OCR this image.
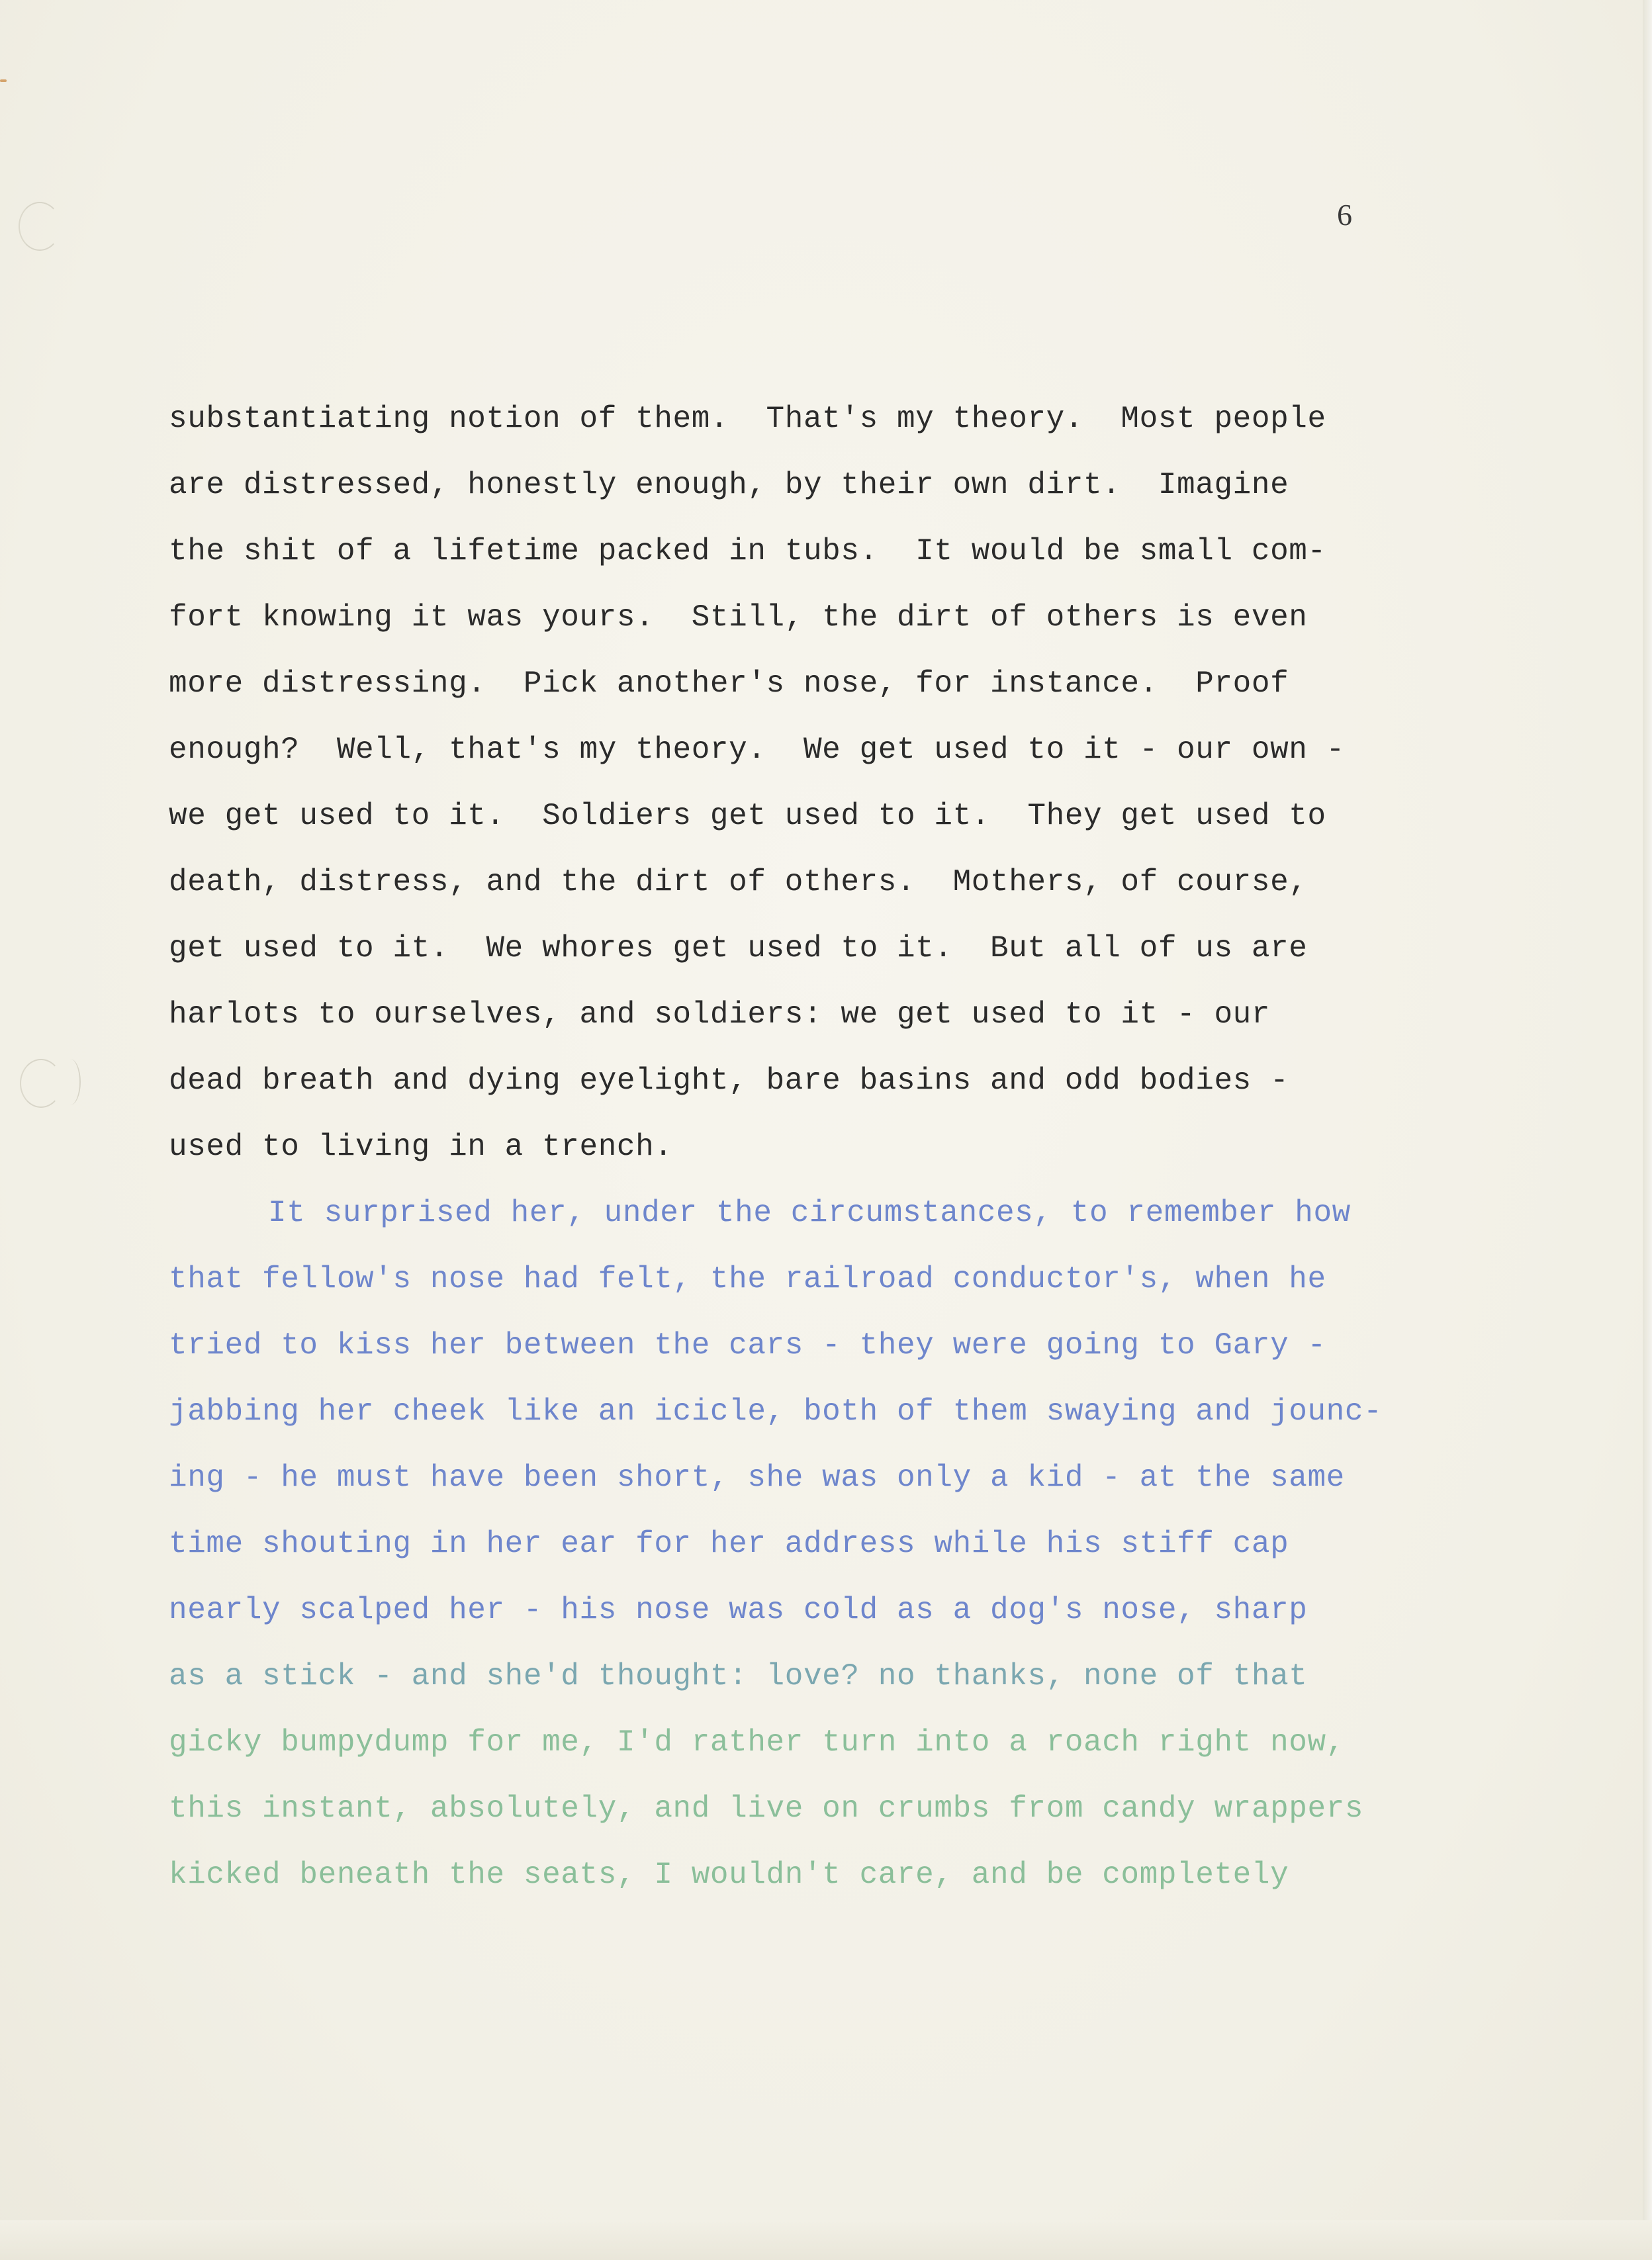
6
substantiating notion of them.  That's my theory.  Most people
are distressed, honestly enough, by their own dirt.  Imagine
the shit of a lifetime packed in tubs.  It would be small com-
fort knowing it was yours.  Still, the dirt of others is even
more distressing.  Pick another's nose, for instance.  Proof
enough?  Well, that's my theory.  We get used to it - our own -
we get used to it.  Soldiers get used to it.  They get used to
death, distress, and the dirt of others.  Mothers, of course,
get used to it.  We whores get used to it.  But all of us are
harlots to ourselves, and soldiers: we get used to it - our
dead breath and dying eyelight, bare basins and odd bodies -
used to living in a trench.
It surprised her, under the circumstances, to remember how
that fellow's nose had felt, the railroad conductor's, when he
tried to kiss her between the cars - they were going to Gary -
jabbing her cheek like an icicle, both of them swaying and jounc-
ing - he must have been short, she was only a kid - at the same
time shouting in her ear for her address while his stiff cap
nearly scalped her - his nose was cold as a dog's nose, sharp
as a stick - and she'd thought: love? no thanks, none of that
gicky bumpydump for me, I'd rather turn into a roach right now,
this instant, absolutely, and live on crumbs from candy wrappers
kicked beneath the seats, I wouldn't care, and be completely
